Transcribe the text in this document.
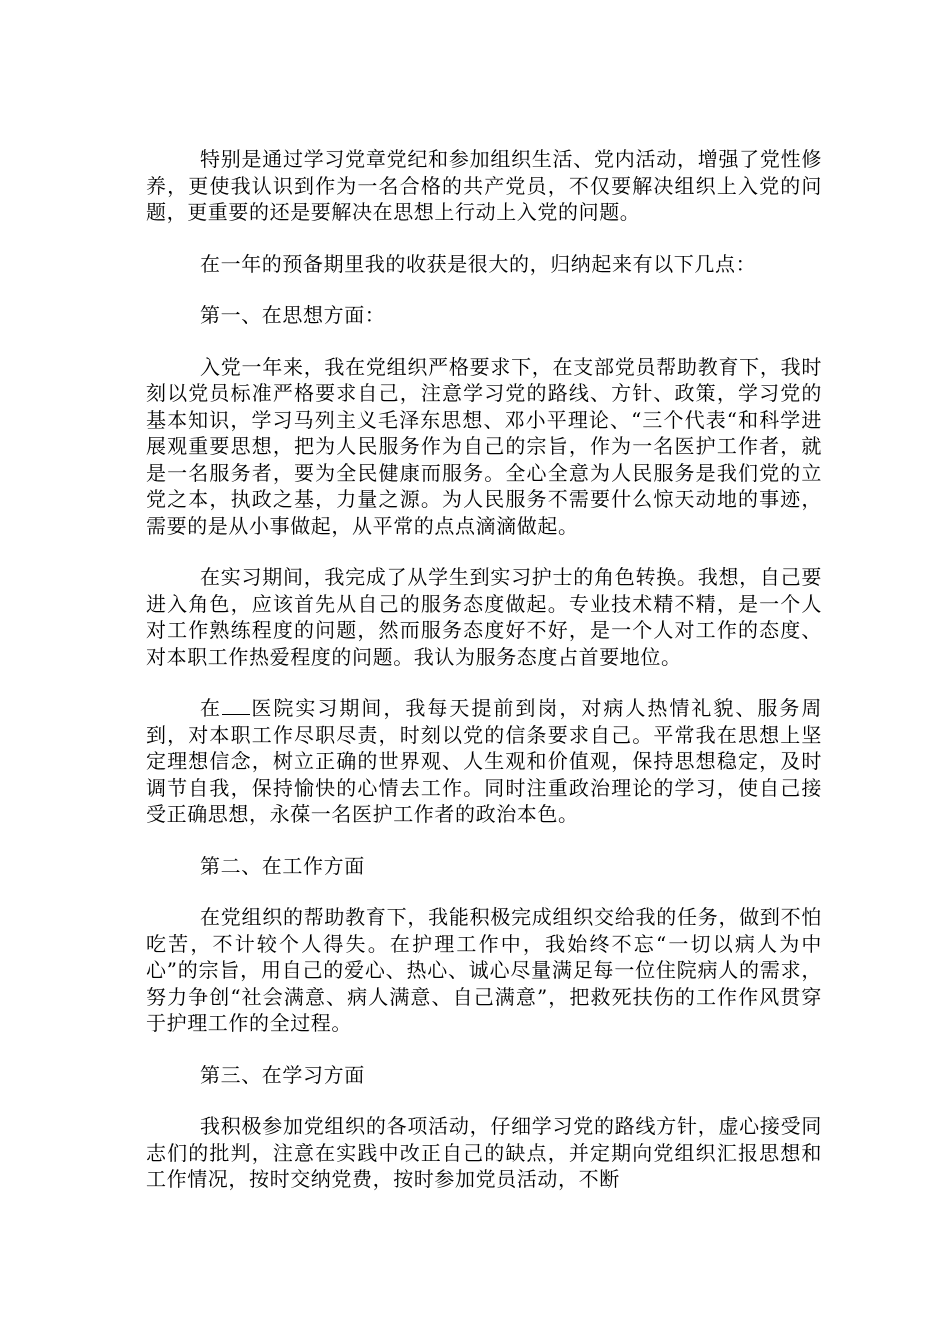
特别是通过学习党章党纪和参加组织生活、党内活动，增强了党性修养，更使我认识到作为一名合格的共产党员，不仅要解决组织上入党的问题，更重要的还是要解决在思想上行动上入党的问题。

在一年的预备期里我的收获是很大的，归纳起来有以下几点：

第一、在思想方面：

入党一年来，我在党组织严格要求下，在支部党员帮助教育下，我时刻以党员标准严格要求自己，注意学习党的路线、方针、政策，学习党的基本知识，学习马列主义毛泽东思想、邓小平理论、“三个代表“和科学进展观重要思想，把为人民服务作为自己的宗旨，作为一名医护工作者，就是一名服务者，要为全民健康而服务。全心全意为人民服务是我们党的立党之本，执政之基，力量之源。为人民服务不需要什么惊天动地的事迹，需要的是从小事做起，从平常的点点滴滴做起。

在实习期间，我完成了从学生到实习护士的角色转换。我想，自己要进入角色，应该首先从自己的服务态度做起。专业技术精不精，是一个人对工作熟练程度的问题，然而服务态度好不好，是一个人对工作的态度、对本职工作热爱程度的问题。我认为服务态度占首要地位。

在 医院实习期间，我每天提前到岗，对病人热情礼貌、服务周到，对本职工作尽职尽责，时刻以党的信条要求自己。平常我在思想上坚定理想信念，树立正确的世界观、人生观和价值观，保持思想稳定，及时调节自我，保持愉快的心情去工作。同时注重政治理论的学习，使自己接受正确思想，永葆一名医护工作者的政治本色。

第二、在工作方面

在党组织的帮助教育下，我能积极完成组织交给我的任务，做到不怕吃苦，不计较个人得失。在护理工作中，我始终不忘“一切以病人为中心”的宗旨，用自己的爱心、热心、诚心尽量满足每一位住院病人的需求，努力争创“社会满意、病人满意、自己满意”，把救死扶伤的工作作风贯穿于护理工作的全过程。

第三、在学习方面

我积极参加党组织的各项活动，仔细学习党的路线方针，虚心接受同志们的批判，注意在实践中改正自己的缺点，并定期向党组织汇报思想和工作情况，按时交纳党费，按时参加党员活动，不断
